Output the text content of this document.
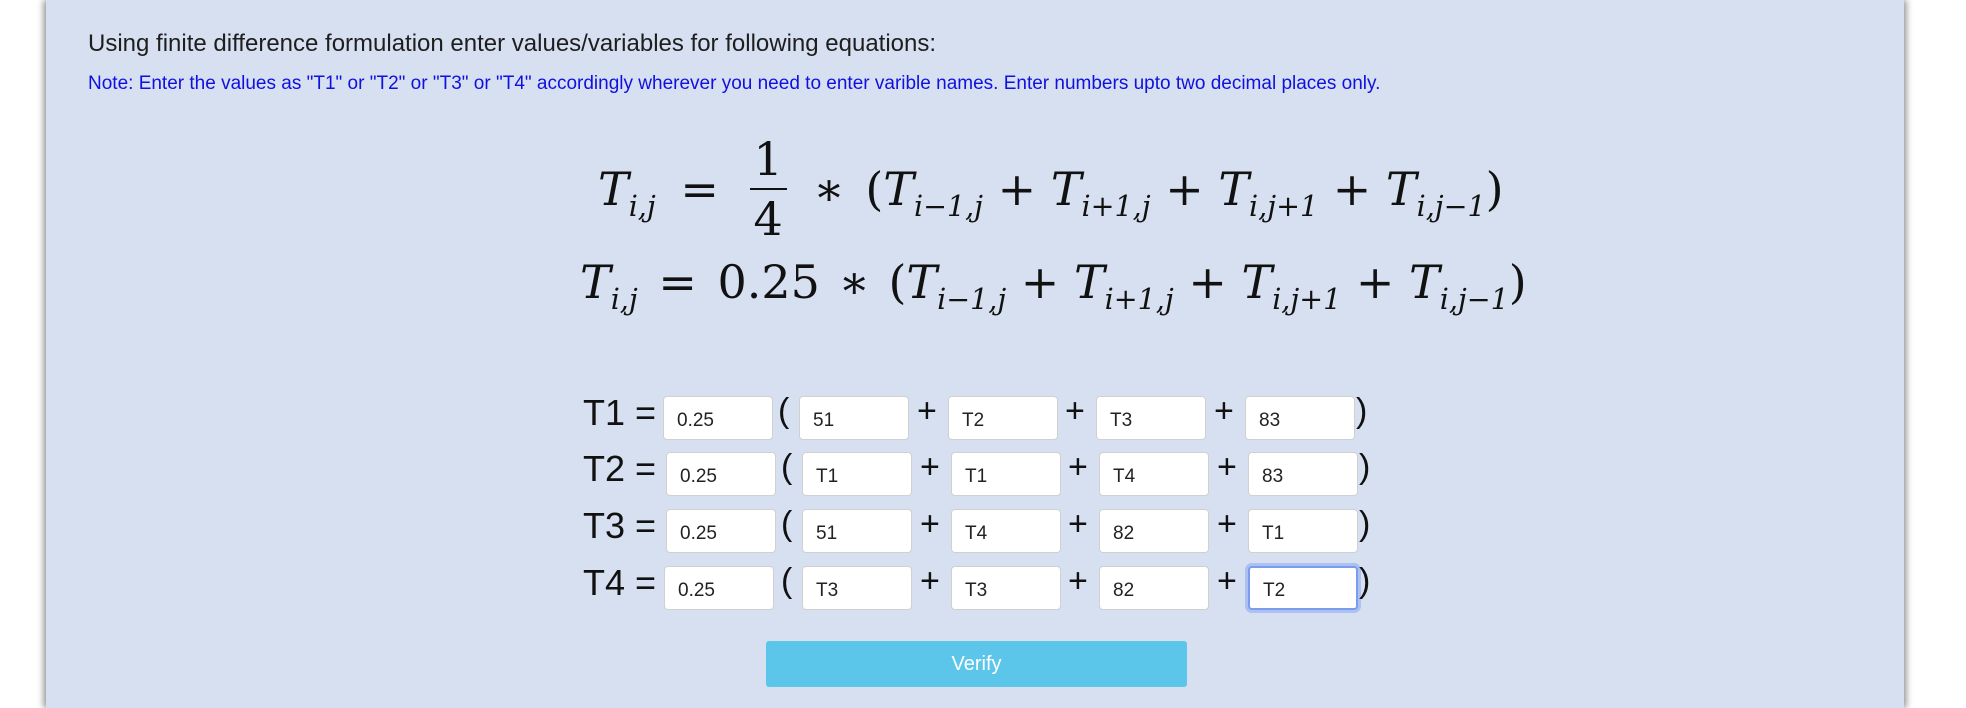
Using finite difference formulation enter values/variables for following equations:

Note: Enter the values as "T1" or "T2" or "T3" or "T4" accordingly wherever you need to enter varible names. Enter numbers upto two decimal places only.

$T_{i,j} = \frac{1}{4}$ ∗ $(T_{i-1,j} + T_{i+1,j} + T_{i,j+1} + T_{i,j-1})$
$T_{i,j} = 0.25$ ∗ $(T_{i-1,j} + T_{i+1,j} + T_{i,j+1} + T_{i,j-1})$
T1 =
0.25	(
51	+
T2	+
T3	+
83	)
T2 =
0.25	(
T1	+
T1	+
T4	+
83	)
T3 =
0.25	(
51	+
T4	+
82	+
T1	)
T4 =
0.25	(
T3	+
T3	+
82	+
T2	)
Verify
